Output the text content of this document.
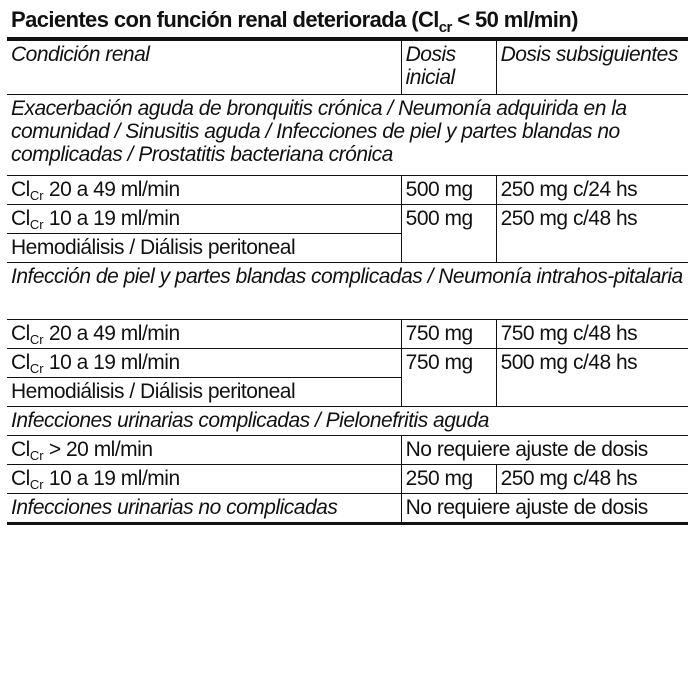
Pacientes con función renal deteriorada ($Cl_{cr} < 50$ ml/min)
Condición renal	Dosis inicial	Dosis subsiguientes
Exacerbación aguda de bronquitis crónica / Neumonía adquirida en la comunidad / Sinusitis aguda / Infecciones de piel y partes blandas no complicadas / Prostatitis bacteriana crónica		
$Cl_{Cr}$ 20 a 49 ml/min	500 mg	250 mg c/24 hs
$Cl_{Cr}$ 10 a 19 ml/min	500 mg	250 mg c/48 hs
Hemodiálisis / Diálisis peritoneal		
Infección de piel y partes blandas complicadas / Neumonía intrahos-pitalaria		
$Cl_{Cr}$ 20 a 49 ml/min	750 mg	750 mg c/48 hs
$Cl_{Cr}$ 10 a 19 ml/min	750 mg	500 mg c/48 hs
Hemodiálisis / Diálisis peritoneal		
Infecciones urinarias complicadas / Pielonefritis aguda		
$Cl_{Cr} > 20$ ml/min	No requiere ajuste de dosis	
$Cl_{Cr}$ 10 a 19 ml/min	250 mg	250 mg c/48 hs
Infecciones urinarias no complicadas	No requiere ajuste de dosis	
